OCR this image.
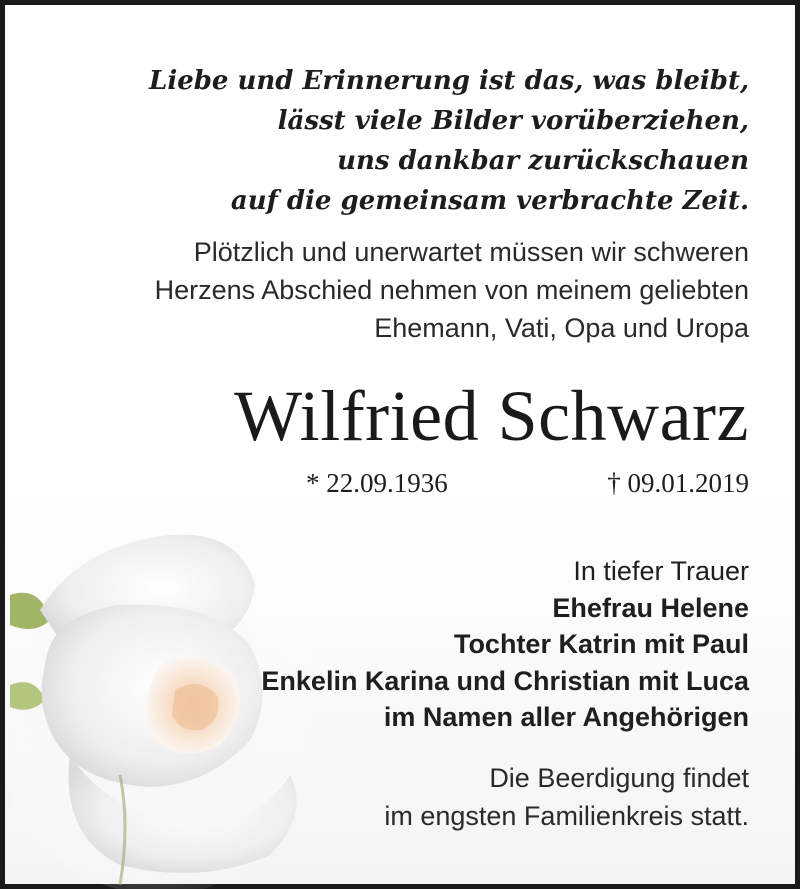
Liebe und Erinnerung ist das, was bleibt,
lässt viele Bilder vorüberziehen,
uns dankbar zurückschauen
auf die gemeinsam verbrachte Zeit.
Plötzlich und unerwartet müssen wir schweren
Herzens Abschied nehmen von meinem geliebten
Ehemann, Vati, Opa und Uropa
Wilfried Schwarz
* 22.09.1936	† 09.01.2019
In tiefer Trauer
Ehefrau Helene
Tochter Katrin mit Paul
Enkelin Karina und Christian mit Luca
im Namen aller Angehörigen
Die Beerdigung findet
im engsten Familienkreis statt.
